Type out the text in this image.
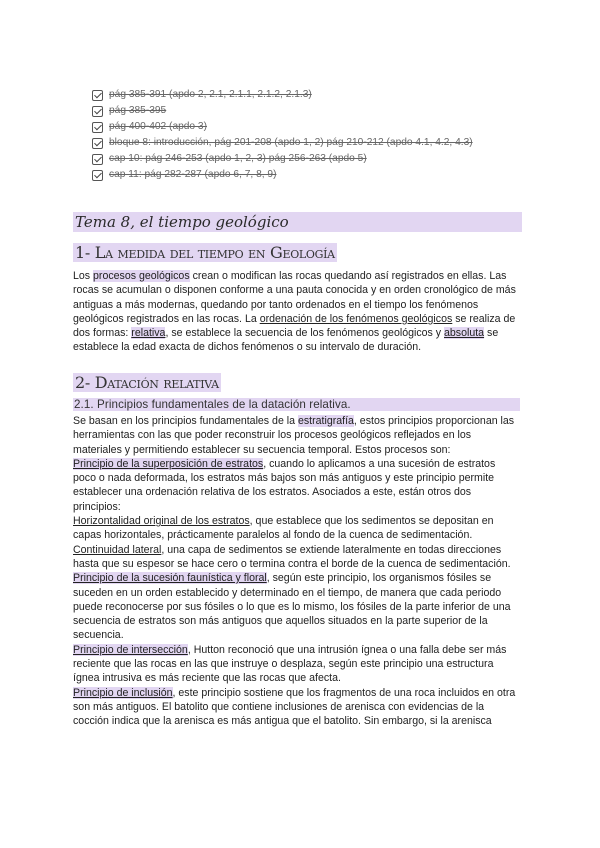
pág 385-391 (apdo 2, 2.1, 2.1.1, 2.1.2, 2.1.3)
pág 385-395
pág 400-402 (apdo 3)
bloque 8: introducción, pág 201-208 (apdo 1, 2) pág 210-212 (apdo 4.1, 4.2, 4.3)
cap 10: pág 246-253 (apdo 1, 2, 3) pág 256-263 (apdo 5)
cap 11: pág 282-287 (apdo 6, 7, 8, 9)
Tema 8, el tiempo geológico
1- La medida del tiempo en Geología

Los procesos geológicos crean o modifican las rocas quedando así registrados en ellas. Las rocas se acumulan o disponen conforme a una pauta conocida y en orden cronológico de más antiguas a más modernas, quedando por tanto ordenados en el tiempo los fenómenos geológicos registrados en las rocas. La ordenación de los fenómenos geológicos se realiza de dos formas: relativa, se establece la secuencia de los fenómenos geológicos y absoluta se establece la edad exacta de dichos fenómenos o su intervalo de duración.

2- Datación relativa
2.1. Principios fundamentales de la datación relativa.

Se basan en los principios fundamentales de la estratigrafía, estos principios proporcionan las herramientas con las que poder reconstruir los procesos geológicos reflejados en los materiales y permitiendo establecer su secuencia temporal. Estos procesos son:

Principio de la superposición de estratos, cuando lo aplicamos a una sucesión de estratos poco o nada deformada, los estratos más bajos son más antiguos y este principio permite establecer una ordenación relativa de los estratos. Asociados a este, están otros dos principios:

Horizontalidad original de los estratos, que establece que los sedimentos se depositan en capas horizontales, prácticamente paralelos al fondo de la cuenca de sedimentación.

Continuidad lateral, una capa de sedimentos se extiende lateralmente en todas direcciones hasta que su espesor se hace cero o termina contra el borde de la cuenca de sedimentación.

Principio de la sucesión faunística y floral, según este principio, los organismos fósiles se suceden en un orden establecido y determinado en el tiempo, de manera que cada periodo puede reconocerse por sus fósiles o lo que es lo mismo, los fósiles de la parte inferior de una secuencia de estratos son más antiguos que aquellos situados en la parte superior de la secuencia.

Principio de intersección, Hutton reconoció que una intrusión ígnea o una falla debe ser más reciente que las rocas en las que instruye o desplaza, según este principio una estructura ígnea intrusiva es más reciente que las rocas que afecta.

Principio de inclusión, este principio sostiene que los fragmentos de una roca incluidos en otra son más antiguos. El batolito que contiene inclusiones de arenisca con evidencias de la cocción indica que la arenisca es más antigua que el batolito. Sin embargo, si la arenisca
